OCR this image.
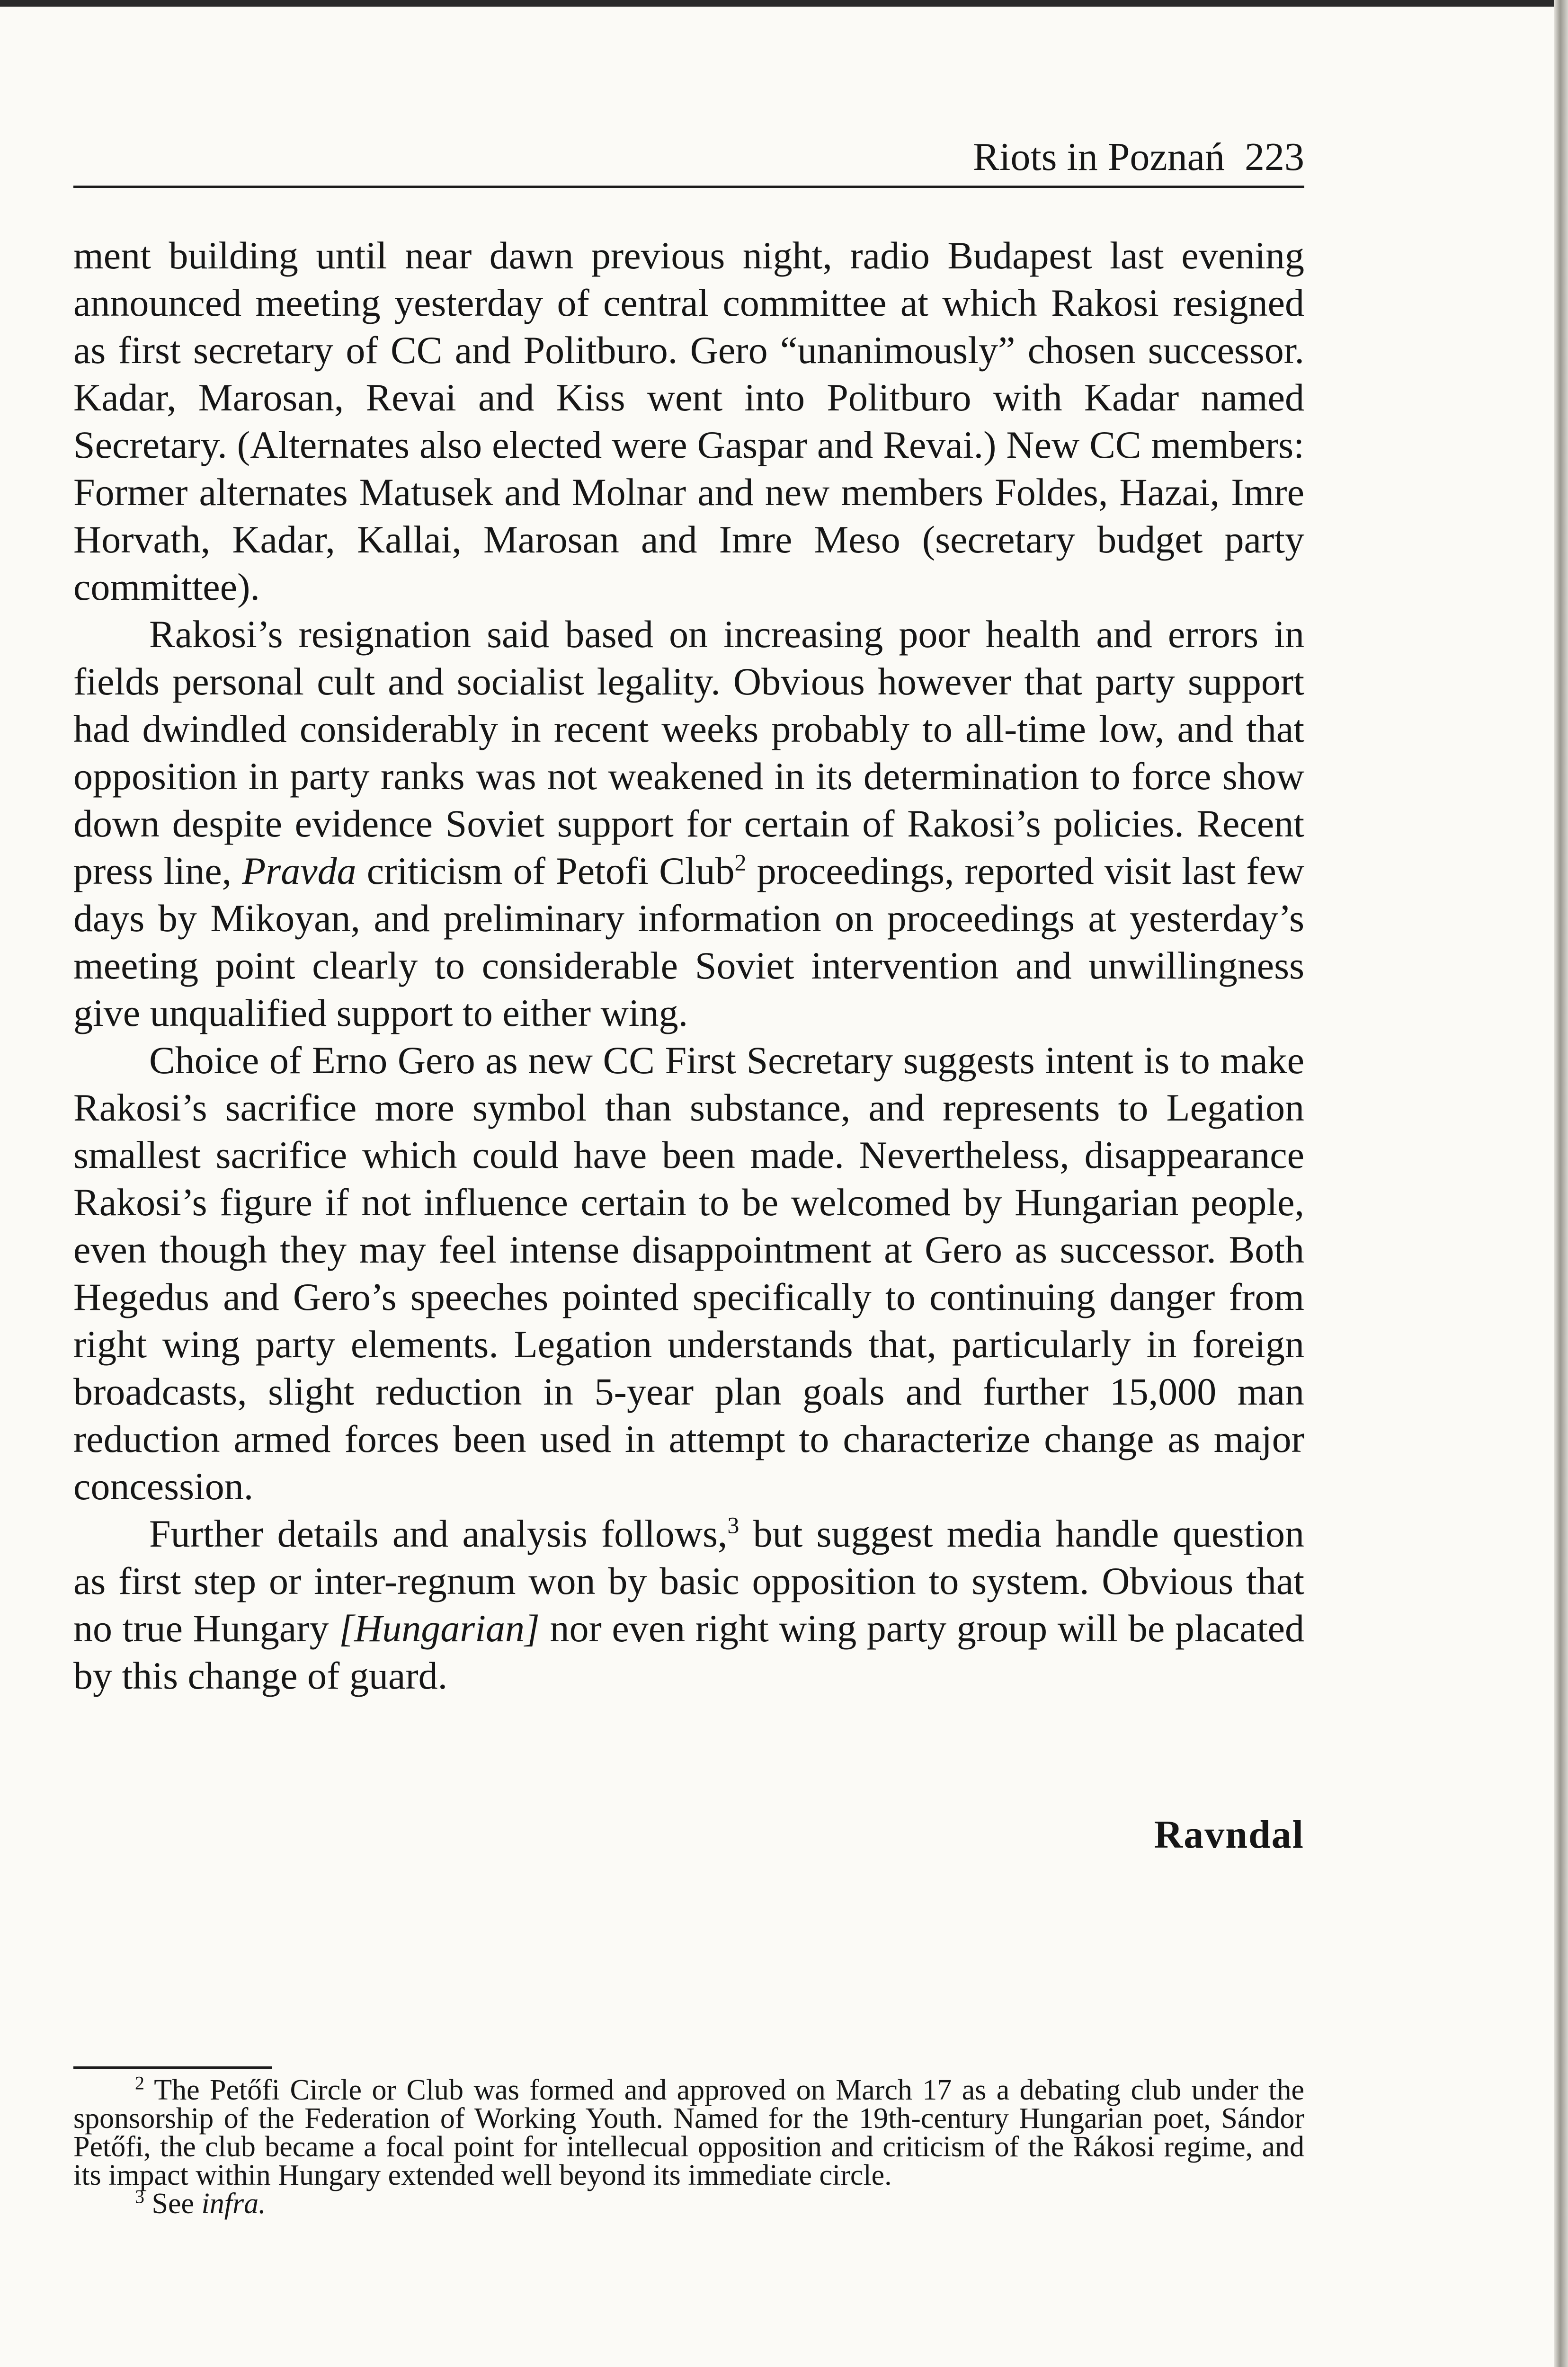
Riots in Poznań 223

ment building until near dawn previous night, radio Budapest last evening announced meeting yesterday of central committee at which Rakosi resigned as first secretary of CC and Politburo. Gero “unanimously” chosen successor. Kadar, Marosan, Revai and Kiss went into Politburo with Kadar named Secretary. (Alternates also elected were Gaspar and Revai.) New CC members: Former alternates Matusek and Molnar and new members Foldes, Hazai, Imre Horvath, Kadar, Kallai, Marosan and Imre Meso (secretary budget party committee).

Rakosi’s resignation said based on increasing poor health and errors in fields personal cult and socialist legality. Obvious however that party support had dwindled considerably in recent weeks probably to all-time low, and that opposition in party ranks was not weakened in its determination to force show down despite evidence Soviet support for certain of Rakosi’s policies. Recent press line, Pravda criticism of Petofi Club$^2$ proceedings, reported visit last few days by Mikoyan, and preliminary information on proceedings at yesterday’s meeting point clearly to considerable Soviet intervention and unwillingness give unqualified support to either wing.

Choice of Erno Gero as new CC First Secretary suggests intent is to make Rakosi’s sacrifice more symbol than substance, and represents to Legation smallest sacrifice which could have been made. Nevertheless, disappearance Rakosi’s figure if not influence certain to be welcomed by Hungarian people, even though they may feel intense disappointment at Gero as successor. Both Hegedus and Gero’s speeches pointed specifically to continuing danger from right wing party elements. Legation understands that, particularly in foreign broadcasts, slight reduction in 5-year plan goals and further 15,000 man reduction armed forces been used in attempt to characterize change as major concession.

Further details and analysis follows,$^3$ but suggest media handle question as first step or inter-regnum won by basic opposition to system. Obvious that no true Hungary [Hungarian] nor even right wing party group will be placated by this change of guard.

Ravndal

$^2$ The Petőfi Circle or Club was formed and approved on March 17 as a debating club under the sponsorship of the Federation of Working Youth. Named for the 19th-century Hungarian poet, Sándor Petőfi, the club became a focal point for intellecual opposition and criticism of the Rákosi regime, and its impact within Hungary extended well beyond its immediate circle.

$^3$ See infra.
